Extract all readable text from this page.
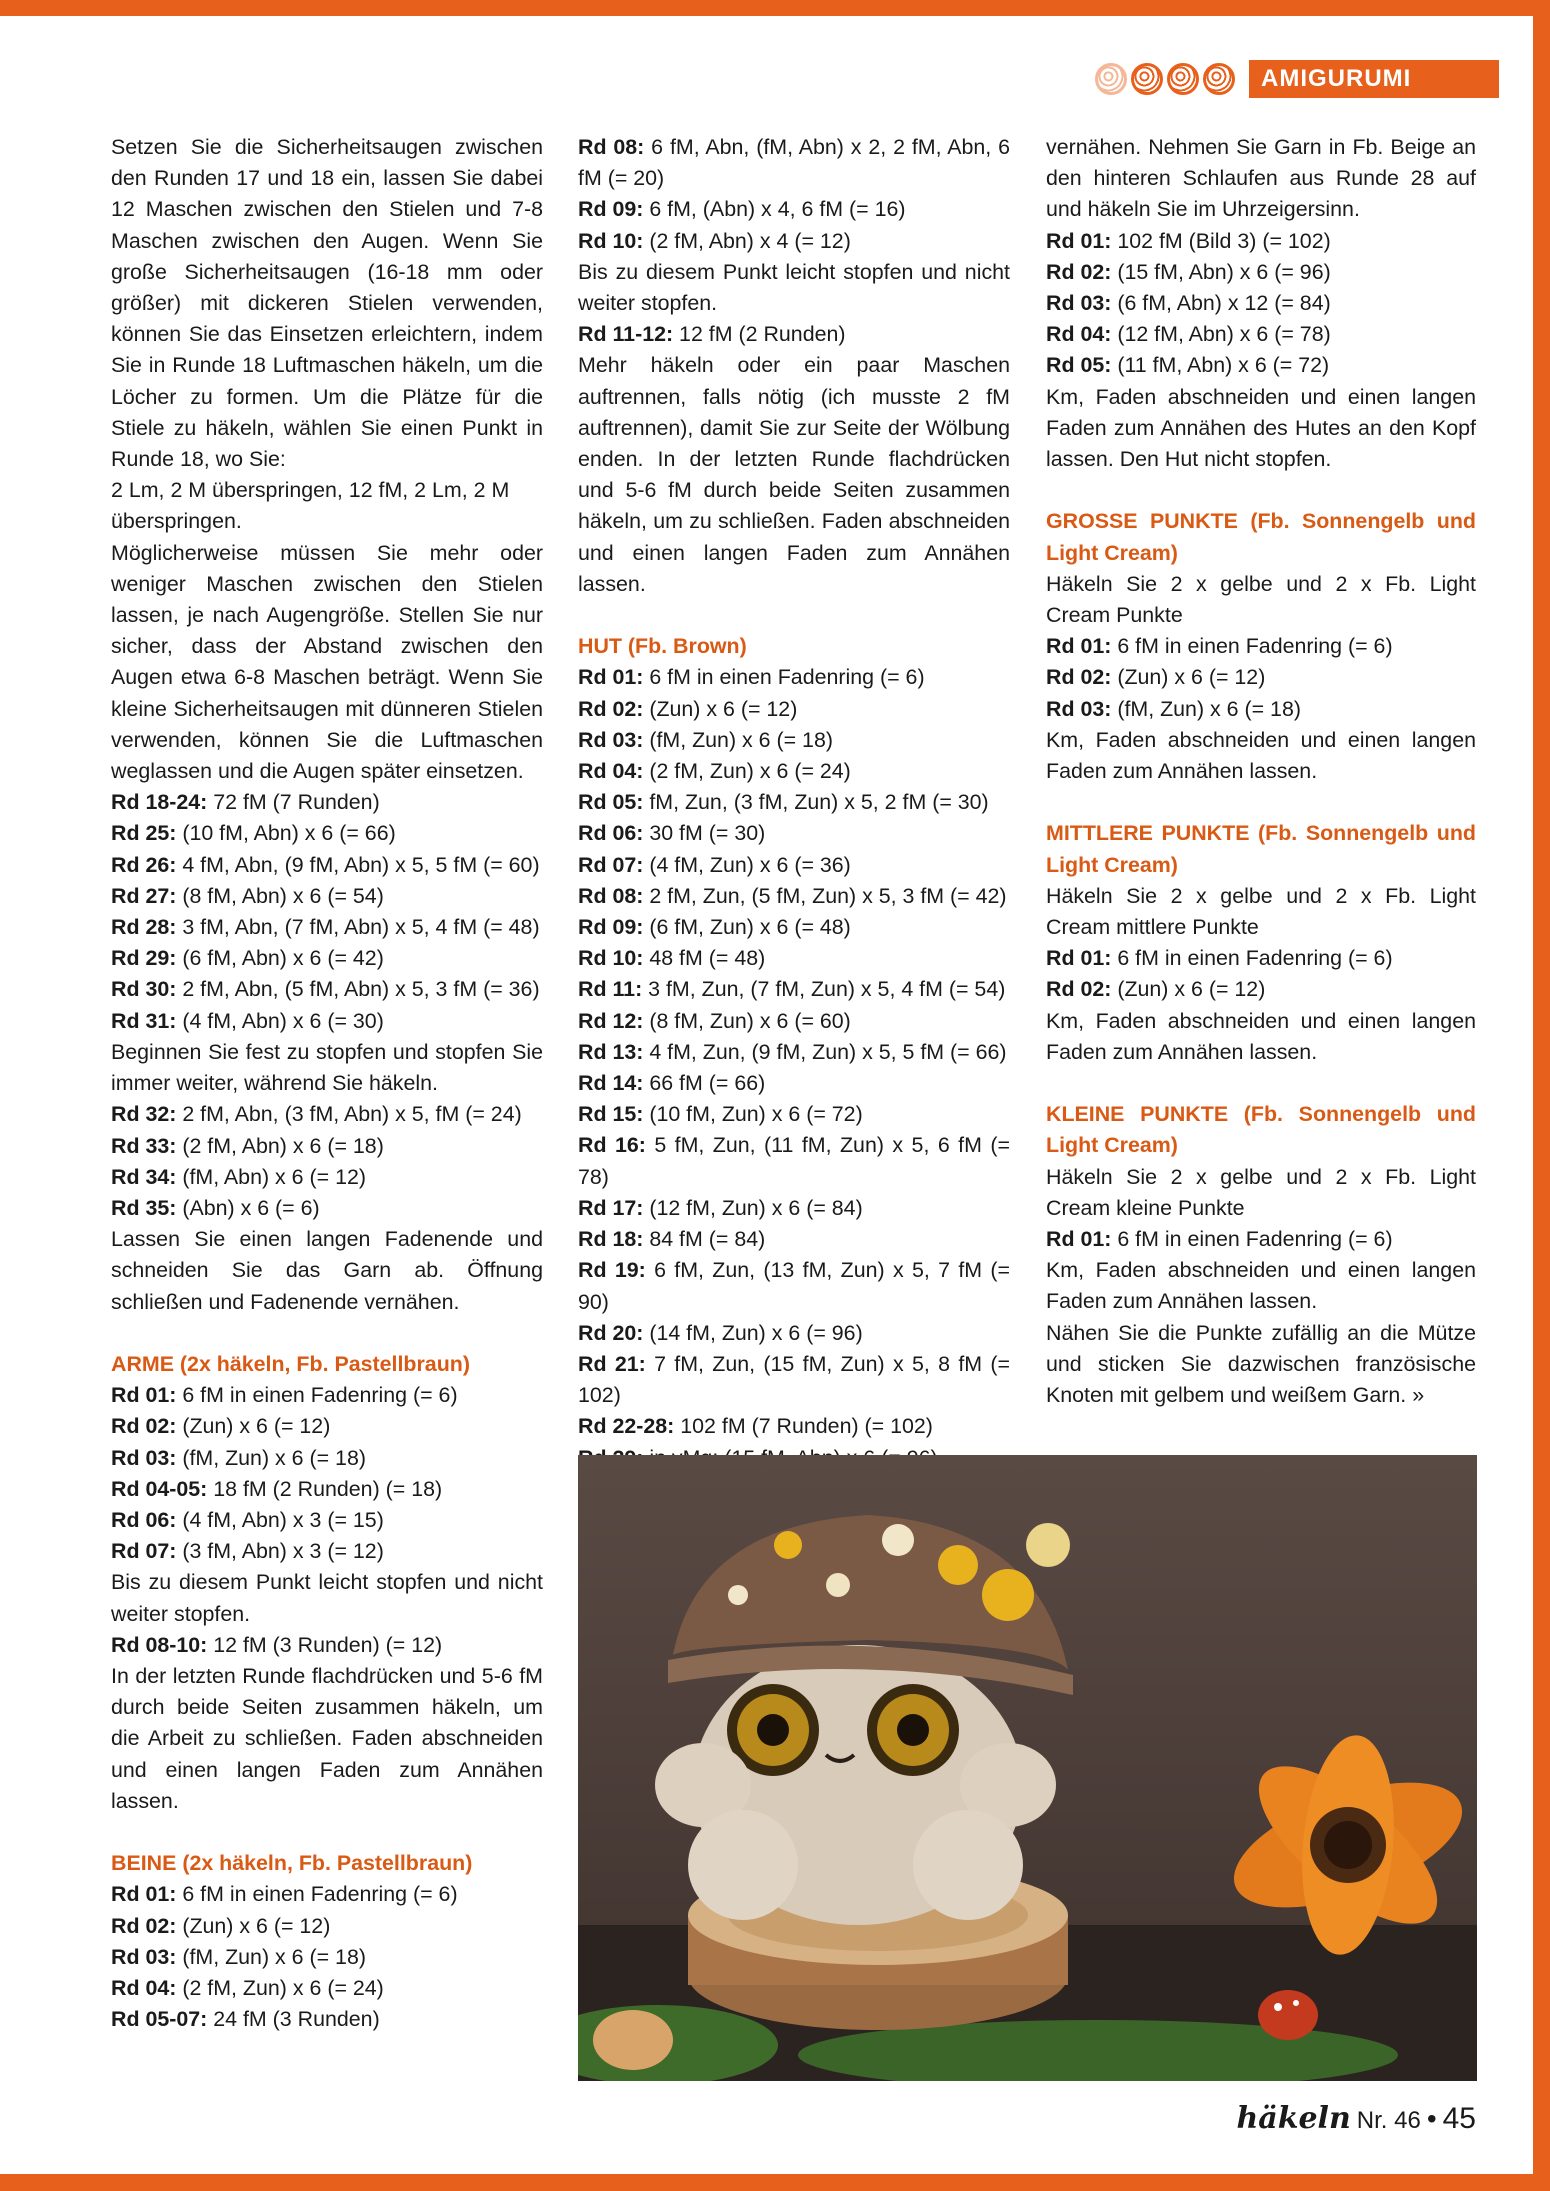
AMIGURUMI

Setzen Sie die Sicherheitsaugen zwischen den Runden 17 und 18 ein, lassen Sie dabei 12 Maschen zwischen den Stielen und 7-8 Maschen zwischen den Augen. Wenn Sie große Sicherheitsaugen (16-18 mm oder größer) mit dickeren Stielen verwenden, können Sie das Einsetzen erleichtern, indem Sie in Runde 18 Luftmaschen häkeln, um die Löcher zu formen. Um die Plätze für die Stiele zu häkeln, wählen Sie einen Punkt in Runde 18, wo Sie:

2 Lm, 2 M überspringen, 12 fM, 2 Lm, 2 M überspringen.

Möglicherweise müssen Sie mehr oder weniger Maschen zwischen den Stielen lassen, je nach Augengröße. Stellen Sie nur sicher, dass der Abstand zwischen den Augen etwa 6-8 Maschen beträgt. Wenn Sie kleine Sicherheitsaugen mit dünneren Stielen verwenden, können Sie die Luftmaschen weglassen und die Augen später einsetzen.

Rd 18-24: 72 fM (7 Runden)

Rd 25: (10 fM, Abn) x 6 (= 66)

Rd 26: 4 fM, Abn, (9 fM, Abn) x 5, 5 fM (= 60)

Rd 27: (8 fM, Abn) x 6 (= 54)

Rd 28: 3 fM, Abn, (7 fM, Abn) x 5, 4 fM (= 48)

Rd 29: (6 fM, Abn) x 6 (= 42)

Rd 30: 2 fM, Abn, (5 fM, Abn) x 5, 3 fM (= 36)

Rd 31: (4 fM, Abn) x 6 (= 30)

Beginnen Sie fest zu stopfen und stopfen Sie immer weiter, während Sie häkeln.

Rd 32: 2 fM, Abn, (3 fM, Abn) x 5, fM (= 24)

Rd 33: (2 fM, Abn) x 6 (= 18)

Rd 34: (fM, Abn) x 6 (= 12)

Rd 35: (Abn) x 6 (= 6)

Lassen Sie einen langen Fadenende und schneiden Sie das Garn ab. Öffnung schließen und Fadenende vernähen.

ARME (2x häkeln, Fb. Pastellbraun)

Rd 01: 6 fM in einen Fadenring (= 6)

Rd 02: (Zun) x 6 (= 12)

Rd 03: (fM, Zun) x 6 (= 18)

Rd 04-05: 18 fM (2 Runden) (= 18)

Rd 06: (4 fM, Abn) x 3 (= 15)

Rd 07: (3 fM, Abn) x 3 (= 12)

Bis zu diesem Punkt leicht stopfen und nicht weiter stopfen.

Rd 08-10: 12 fM (3 Runden) (= 12)

In der letzten Runde flachdrücken und 5-6 fM durch beide Seiten zusammen häkeln, um die Arbeit zu schließen. Faden abschneiden und einen langen Faden zum Annähen lassen.

BEINE (2x häkeln, Fb. Pastellbraun)

Rd 01: 6 fM in einen Fadenring (= 6)

Rd 02: (Zun) x 6 (= 12)

Rd 03: (fM, Zun) x 6 (= 18)

Rd 04: (2 fM, Zun) x 6 (= 24)

Rd 05-07: 24 fM (3 Runden)

Rd 08: 6 fM, Abn, (fM, Abn) x 2, 2 fM, Abn, 6 fM (= 20)

Rd 09: 6 fM, (Abn) x 4, 6 fM (= 16)

Rd 10: (2 fM, Abn) x 4 (= 12)

Bis zu diesem Punkt leicht stopfen und nicht weiter stopfen.

Rd 11-12: 12 fM (2 Runden)

Mehr häkeln oder ein paar Maschen auftrennen, falls nötig (ich musste 2 fM auftrennen), damit Sie zur Seite der Wölbung enden. In der letzten Runde flachdrücken und 5-6 fM durch beide Seiten zusammen häkeln, um zu schließen. Faden abschneiden und einen langen Faden zum Annähen lassen.

HUT (Fb. Brown)

Rd 01: 6 fM in einen Fadenring (= 6)

Rd 02: (Zun) x 6 (= 12)

Rd 03: (fM, Zun) x 6 (= 18)

Rd 04: (2 fM, Zun) x 6 (= 24)

Rd 05: fM, Zun, (3 fM, Zun) x 5, 2 fM (= 30)

Rd 06: 30 fM (= 30)

Rd 07: (4 fM, Zun) x 6 (= 36)

Rd 08: 2 fM, Zun, (5 fM, Zun) x 5, 3 fM (= 42)

Rd 09: (6 fM, Zun) x 6 (= 48)

Rd 10: 48 fM (= 48)

Rd 11: 3 fM, Zun, (7 fM, Zun) x 5, 4 fM (= 54)

Rd 12: (8 fM, Zun) x 6 (= 60)

Rd 13: 4 fM, Zun, (9 fM, Zun) x 5, 5 fM (= 66)

Rd 14: 66 fM (= 66)

Rd 15: (10 fM, Zun) x 6 (= 72)

Rd 16: 5 fM, Zun, (11 fM, Zun) x 5, 6 fM (= 78)

Rd 17: (12 fM, Zun) x 6 (= 84)

Rd 18: 84 fM (= 84)

Rd 19: 6 fM, Zun, (13 fM, Zun) x 5, 7 fM (= 90)

Rd 20: (14 fM, Zun) x 6 (= 96)

Rd 21: 7 fM, Zun, (15 fM, Zun) x 5, 8 fM (= 102)

Rd 22-28: 102 fM (7 Runden) (= 102)

vernähen. Nehmen Sie Garn in Fb. Beige an den hinteren Schlaufen aus Runde 28 auf und häkeln Sie im Uhrzeigersinn.

Rd 01: 102 fM (Bild 3) (= 102)

Rd 02: (15 fM, Abn) x 6 (= 96)

Rd 03: (6 fM, Abn) x 12 (= 84)

Rd 04: (12 fM, Abn) x 6 (= 78)

Rd 05: (11 fM, Abn) x 6 (= 72)

Km, Faden abschneiden und einen langen Faden zum Annähen des Hutes an den Kopf lassen. Den Hut nicht stopfen.

GROSSE PUNKTE (Fb. Sonnengelb und Light Cream)

Häkeln Sie 2 x gelbe und 2 x Fb. Light Cream Punkte

Rd 01: 6 fM in einen Fadenring (= 6)

Rd 02: (Zun) x 6 (= 12)

Rd 03: (fM, Zun) x 6 (= 18)

Km, Faden abschneiden und einen langen Faden zum Annähen lassen.

MITTLERE PUNKTE (Fb. Sonnengelb und Light Cream)

Häkeln Sie 2 x gelbe und 2 x Fb. Light Cream mittlere Punkte

Rd 01: 6 fM in einen Fadenring (= 6)

Rd 02: (Zun) x 6 (= 12)

Km, Faden abschneiden und einen langen Faden zum Annähen lassen.

KLEINE PUNKTE (Fb. Sonnengelb und Light Cream)

Häkeln Sie 2 x gelbe und 2 x Fb. Light Cream kleine Punkte

Rd 01: 6 fM in einen Fadenring (= 6)

Km, Faden abschneiden und einen langen Faden zum Annähen lassen.

Nähen Sie die Punkte zufällig an die Mütze und sticken Sie dazwischen französische Knoten mit gelbem und weißem Garn. »

häkeln Nr. 46 • 45
